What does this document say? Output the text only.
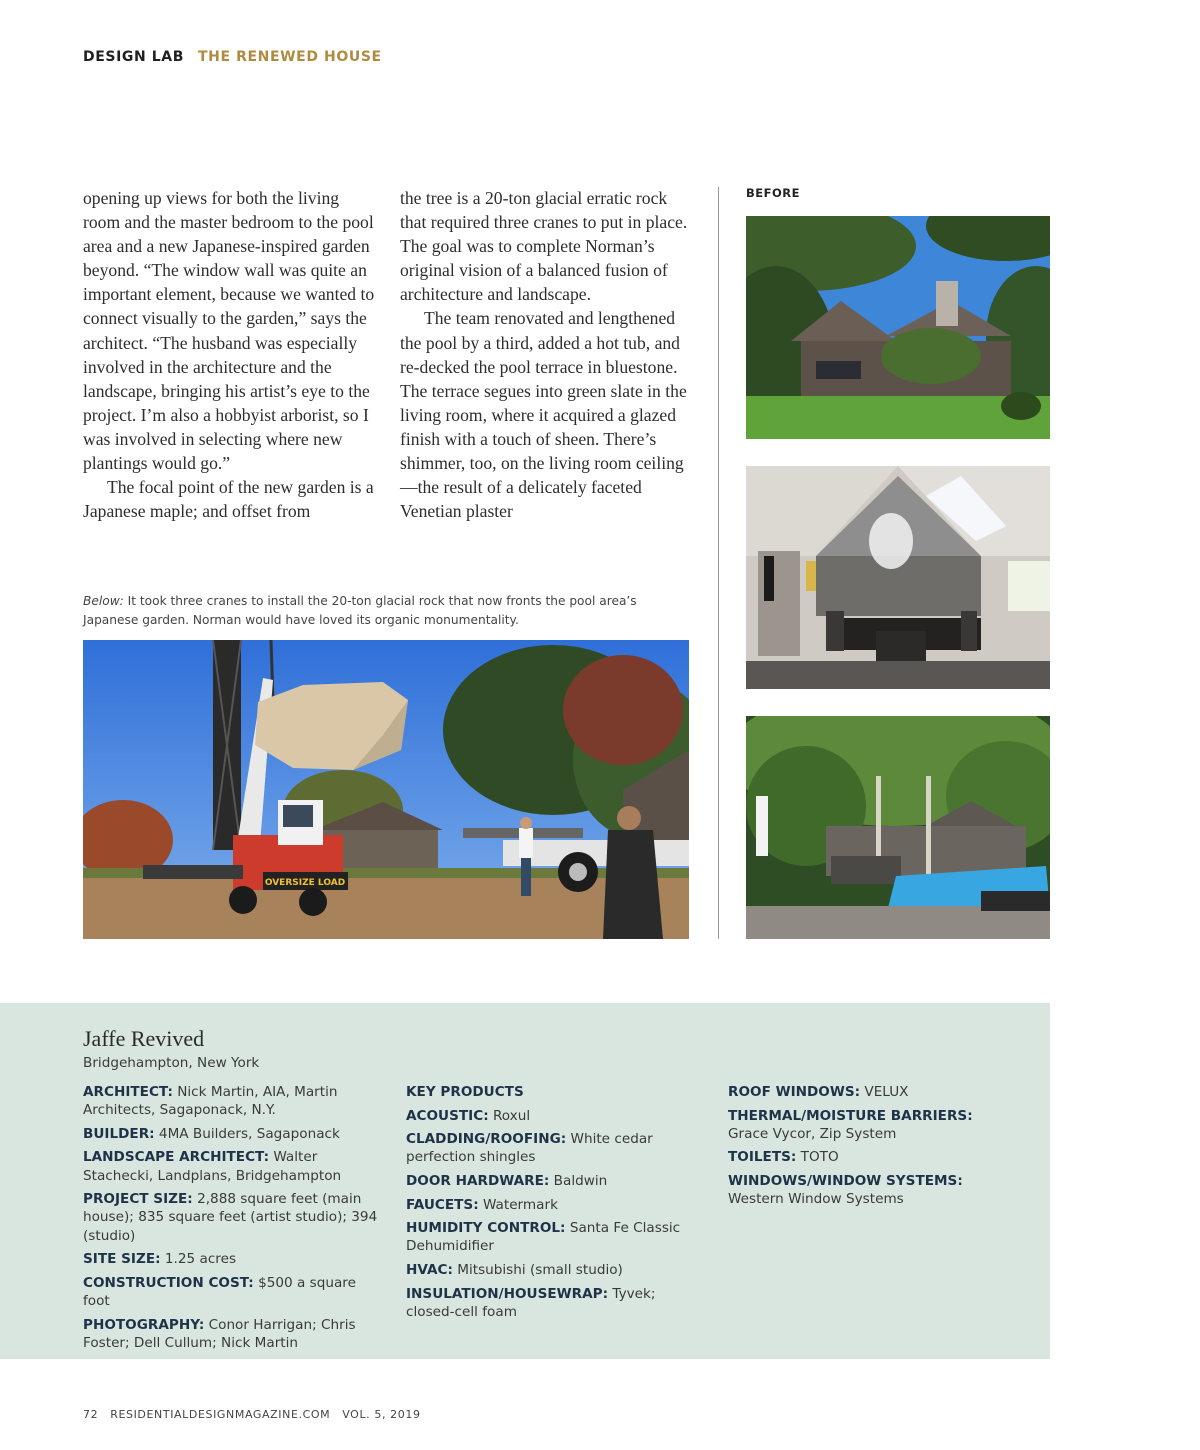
DESIGN LAB THE RENEWED HOUSE

opening up views for both the living room and the master bedroom to the pool area and a new Japanese-inspired garden beyond. “The window wall was quite an important element, because we wanted to connect visually to the garden,” says the architect. “The husband was especially involved in the architecture and the landscape, bringing his artist’s eye to the project. I’m also a hobbyist arborist, so I was involved in selecting where new plantings would go.”

The focal point of the new garden is a Japanese maple; and offset from

the tree is a 20-ton glacial erratic rock that required three cranes to put in place. The goal was to complete Norman’s original vision of a balanced fusion of architecture and landscape.

The team renovated and lengthened the pool by a third, added a hot tub, and re-decked the pool terrace in bluestone. The terrace segues into green slate in the living room, where it acquired a glazed finish with a touch of sheen. There’s shimmer, too, on the living room ceiling—the result of a delicately faceted Venetian plaster

BEFORE
Below: It took three cranes to install the 20-ton glacial rock that now fronts the pool area’s Japanese garden. Norman would have loved its organic monumentality.
OVERSIZE LOAD
Jaffe Revived
Bridgehampton, New York
ARCHITECT: Nick Martin, AIA, Martin Architects, Sagaponack, N.Y.
BUILDER: 4MA Builders, Sagaponack
LANDSCAPE ARCHITECT: Walter Stachecki, Landplans, Bridgehampton
PROJECT SIZE: 2,888 square feet (main house); 835 square feet (artist studio); 394 (studio)
SITE SIZE: 1.25 acres
CONSTRUCTION COST: $500 a square foot
PHOTOGRAPHY: Conor Harrigan; Chris Foster; Dell Cullum; Nick Martin
KEY PRODUCTS
ACOUSTIC: Roxul
CLADDING/ROOFING: White cedar perfection shingles
DOOR HARDWARE: Baldwin
FAUCETS: Watermark
HUMIDITY CONTROL: Santa Fe Classic Dehumidifier
HVAC: Mitsubishi (small studio)
INSULATION/HOUSEWRAP: Tyvek; closed-cell foam
ROOF WINDOWS: VELUX
THERMAL/MOISTURE BARRIERS:
Grace Vycor, Zip System
TOILETS: TOTO
WINDOWS/WINDOW SYSTEMS:
Western Window Systems
72 RESIDENTIALDESIGNMAGAZINE.COM VOL. 5, 2019
